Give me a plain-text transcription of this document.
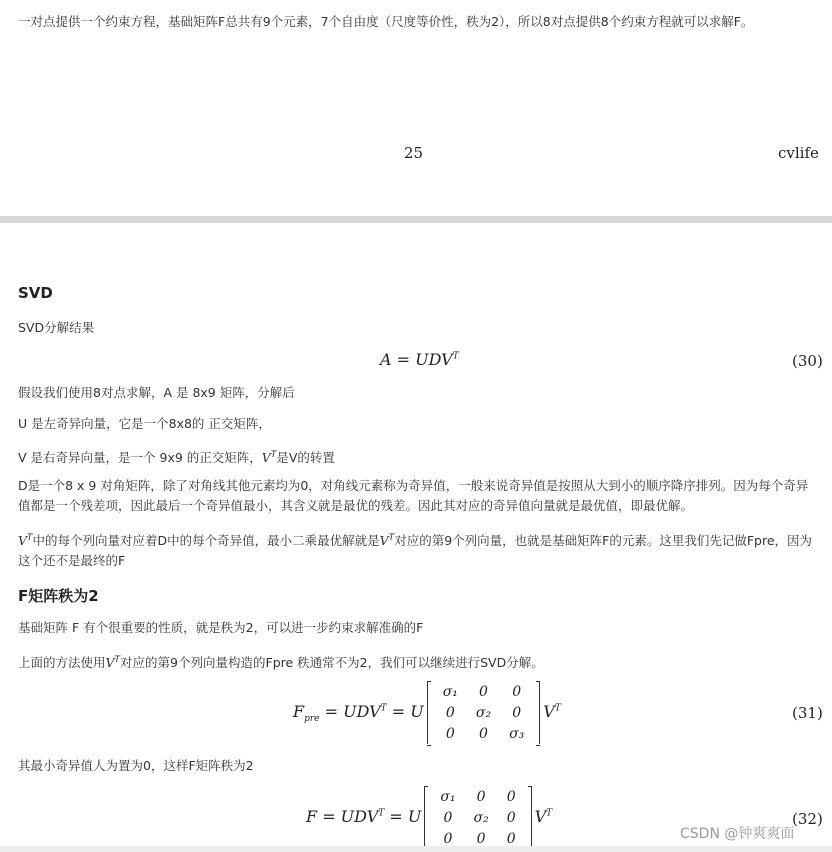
一对点提供一个约束方程，基础矩阵F总共有9个元素，7个自由度（尺度等价性，秩为2），所以8对点提供8个约束方程就可以求解F。
25	cvlife
SVD
SVD分解结果
$A = UDV^T$	(30)
假设我们使用8对点求解，A 是 8x9 矩阵，分解后
U 是左奇异向量，它是一个8x8的 正交矩阵，
V 是右奇异向量，是一个 9x9 的正交矩阵，$V^T$是V的转置
D是一个8 x 9 对角矩阵，除了对角线其他元素均为0，对角线元素称为奇异值，一般来说奇异值是按照从大到小的顺序降序排列。因为每个奇异值都是一个残差项，因此最后一个奇异值最小，其含义就是最优的残差。因此其对应的奇异值向量就是最优值，即最优解。
$V^T$中的每个列向量对应着D中的每个奇异值，最小二乘最优解就是$V^T$对应的第9个列向量，也就是基础矩阵F的元素。这里我们先记做Fpre，因为这个还不是最终的F
F矩阵秩为2
基础矩阵 F 有个很重要的性质，就是秩为2，可以进一步约束求解准确的F
上面的方法使用$V^T$对应的第9个列向量构造的Fpre 秩通常不为2，我们可以继续进行SVD分解。
$F_{pre} = UDV^T = U$
σ₁	0	0
0	σ₂	0
0	0	σ₃
$V^T$	(31)
其最小奇异值人为置为0，这样F矩阵秩为2
$F = UDV^T = U$
σ₁	0	0
0	σ₂	0
0	0	0
$V^T$	(32)
CSDN @钟爽爽面
